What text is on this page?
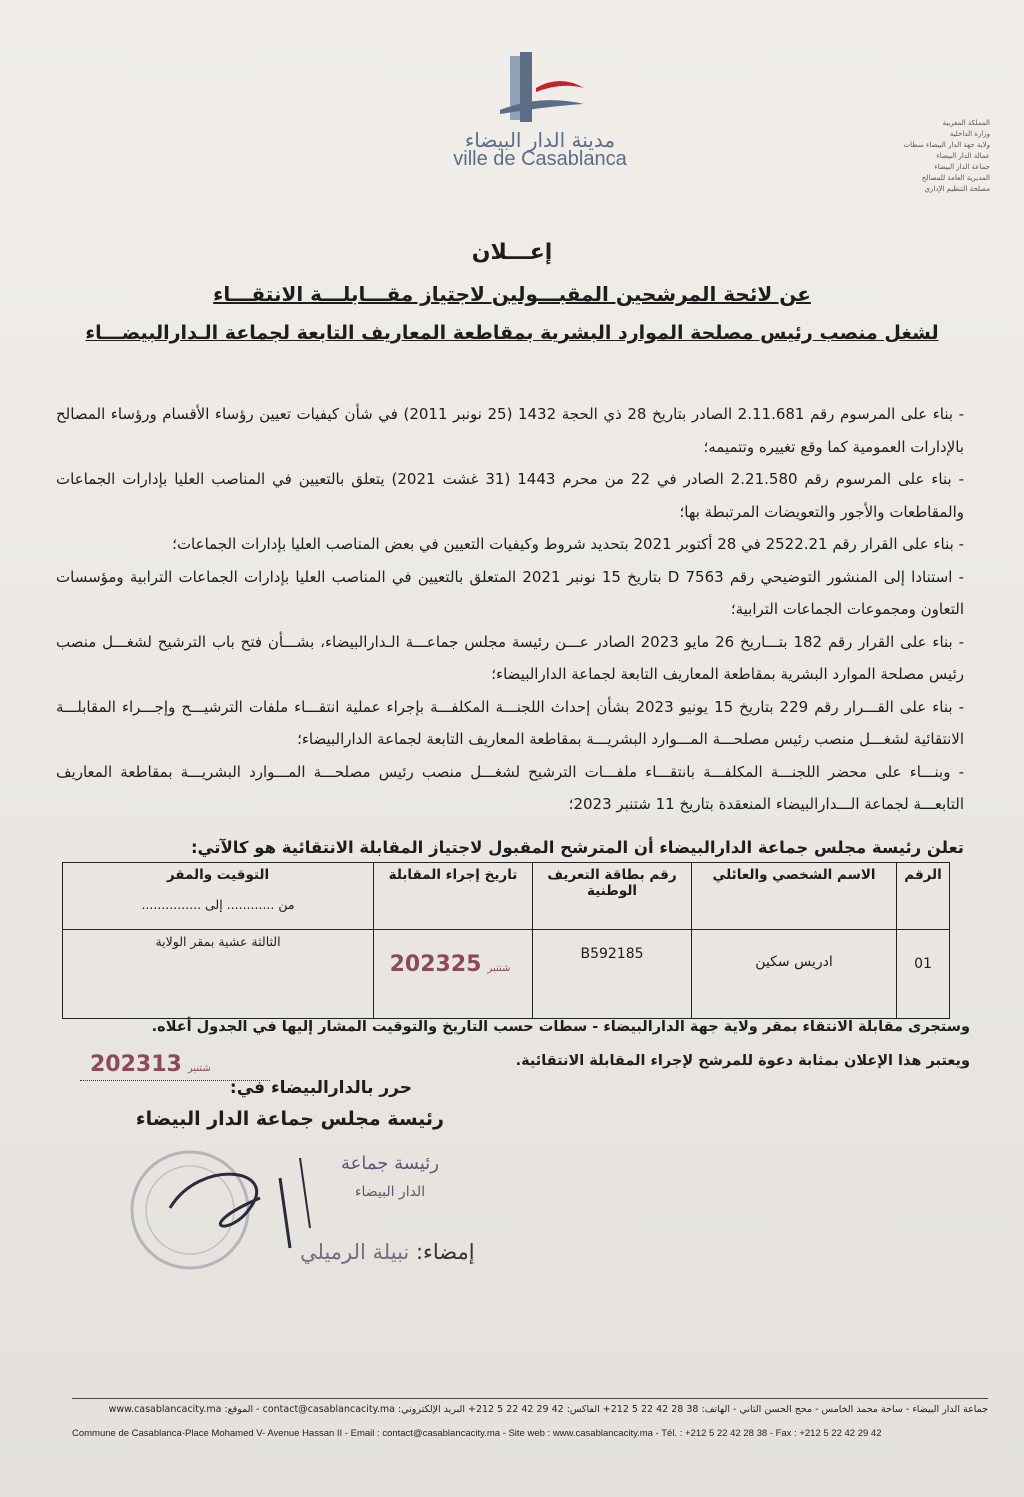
مدينة الدار البيضاء
ville de Casablanca
المملكة المغربية
وزارة الداخلية
ولاية جهة الدار البيضاء سطات
عمالة الدار البيضاء
جماعة الدار البيضاء
المديرية العامة للمصالح
مصلحة التنظيم الإداري
إعـــلان
عن لائحة المرشحين المقبـــولين لاجتياز مقـــابلـــة الانتقـــاء
لشغل منصب رئيس مصلحة الموارد البشرية بمقاطعة المعاريف التابعة لجماعة الـدارالبيضـــاء

- بناء على المرسوم رقم 2.11.681 الصادر بتاريخ 28 ذي الحجة 1432 (25 نونبر 2011) في شأن كيفيات تعيين رؤساء الأقسام ورؤساء المصالح بالإدارات العمومية كما وقع تغييره وتتميمه؛

- بناء على المرسوم رقم 2.21.580 الصادر في 22 من محرم 1443 (31 غشت 2021) يتعلق بالتعيين في المناصب العليا بإدارات الجماعات والمقاطعات والأجور والتعويضات المرتبطة بها؛

- بناء على القرار رقم 2522.21 في 28 أكتوبر 2021 بتحديد شروط وكيفيات التعيين في بعض المناصب العليا بإدارات الجماعات؛

- استنادا إلى المنشور التوضيحي رقم D 7563 بتاريخ 15 نونبر 2021 المتعلق بالتعيين في المناصب العليا بإدارات الجماعات الترابية ومؤسسات التعاون ومجموعات الجماعات الترابية؛

- بناء على القرار رقم 182 بتـــاريخ 26 مايو 2023 الصادر عـــن رئيسة مجلس جماعـــة الـدارالبيضاء، بشـــأن فتح باب الترشيح لشغـــل منصب رئيس مصلحة الموارد البشرية بمقاطعة المعاريف التابعة لجماعة الدارالبيضاء؛

- بناء على القـــرار رقم 229 بتاريخ 15 يونيو 2023 بشأن إحداث اللجنـــة المكلفـــة بإجراء عملية انتقـــاء ملفات الترشيـــح وإجـــراء المقابلـــة الانتقائية لشغـــل منصب رئيس مصلحـــة المـــوارد البشريـــة بمقاطعة المعاريف التابعة لجماعة الدارالبيضاء؛

- وبنـــاء على محضر اللجنـــة المكلفـــة بانتقـــاء ملفـــات الترشيح لشغـــل منصب رئيس مصلحـــة المـــوارد البشريـــة بمقاطعة المعاريف التابعـــة لجماعة الـــدارالبيضاء المنعقدة بتاريخ 11 شتنبر 2023؛

تعلن رئيسة مجلس جماعة الدارالبيضاء أن المترشح المقبول لاجتياز المقابلة الانتقائية هو كالآتي:
الرقم	الاسم الشخصي والعائلي	رقم بطاقة التعريف الوطنية	تاريخ إجراء المقابلة	التوقيت والمقر
من ............ إلى ...............

01	ادريس سكين	B592185	2023 شتنبر25	الثالثة عشية بمقر الولاية

وستجرى مقابلة الانتقاء بمقر ولاية جهة الدارالبيضاء - سطات حسب التاريخ والتوقيت المشار إليها في الجدول أعلاه.

ويعتبر هذا الإعلان بمثابة دعوة للمرشح لإجراء المقابلة الانتقائية.

2023	شتنبر13
حرر بالدارالبيضاء في:
رئيسة مجلس جماعة الدار البيضاء
رئيسة جماعة
الدار البيضاء
إمضاء: نبيلة الرميلي
جماعة الدار البيضاء - ساحة محمد الخامس - محج الحسن الثاني - الهاتف: 38 28 42 22 5 212+ الفاكس: 42 29 42 22 5 212+ البريد الإلكتروني: contact@casablancacity.ma - الموقع: www.casablancacity.ma
Commune de Casablanca-Place Mohamed V- Avenue Hassan II - Email : contact@casablancacity.ma - Site web : www.casablancacity.ma - Tél. : +212 5 22 42 28 38 - Fax : +212 5 22 42 29 42
